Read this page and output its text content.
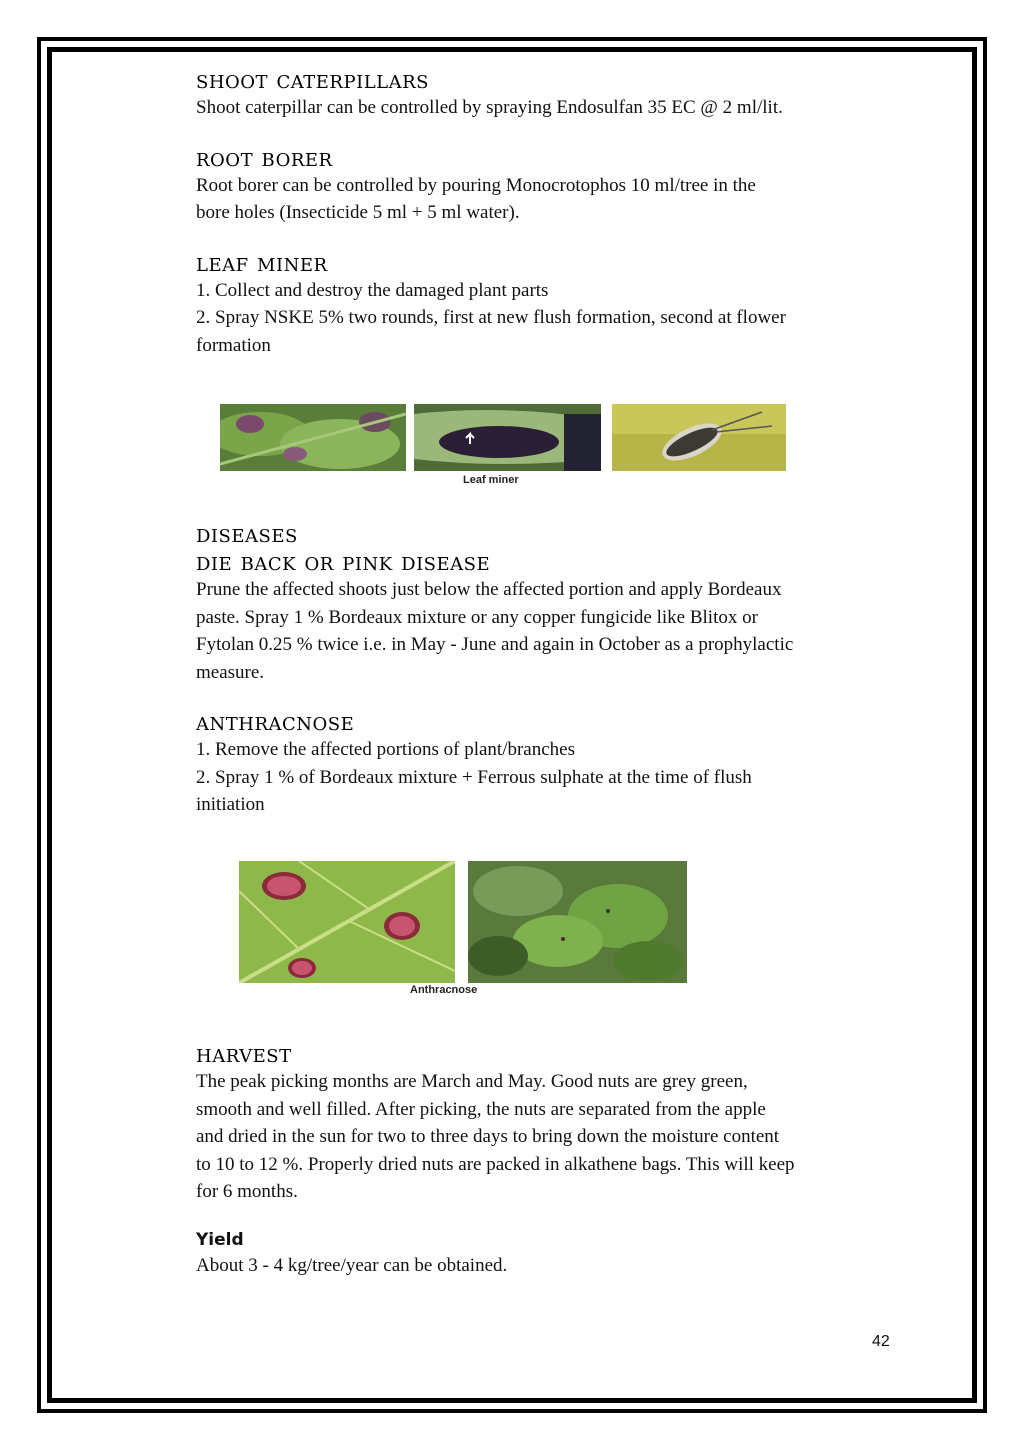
shoot caterpillars

Shoot caterpillar can be controlled by spraying Endosulfan 35 EC @ 2 ml/lit.

root borer

Root borer can be controlled by pouring Monocrotophos 10 ml/tree in the

bore holes (Insecticide 5 ml + 5 ml water).

leaf miner

1. Collect and destroy the damaged plant parts

2. Spray NSKE 5% two rounds, first at new flush formation, second at flower

formation

Leaf miner
diseases
die back or pink disease

Prune the affected shoots just below the affected portion and apply Bordeaux

paste. Spray 1 % Bordeaux mixture or any copper fungicide like Blitox or

Fytolan 0.25 % twice i.e. in May - June and again in October as a prophylactic

measure.

anthracnose

1. Remove the affected portions of plant/branches

2. Spray 1 % of Bordeaux mixture + Ferrous sulphate at the time of flush

initiation

Anthracnose
harvest

The peak picking months are March and May. Good nuts are grey green,

smooth and well filled. After picking, the nuts are separated from the apple

and dried in the sun for two to three days to bring down the moisture content

to 10 to 12 %. Properly dried nuts are packed in alkathene bags. This will keep

for 6 months.

Yield

About 3 - 4 kg/tree/year can be obtained.

42
